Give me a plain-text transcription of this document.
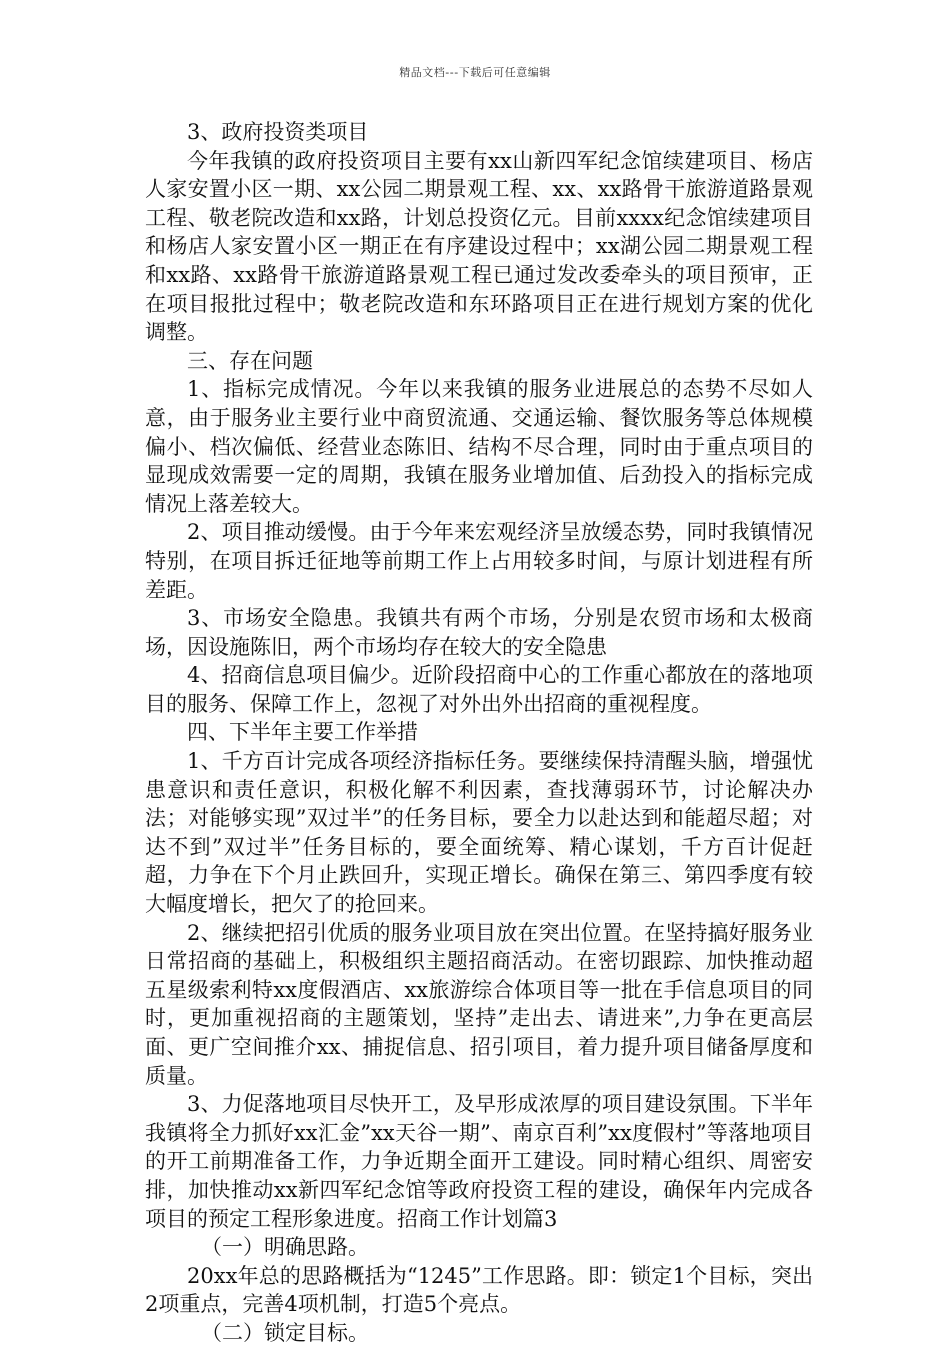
精品文档---下载后可任意编辑

3、政府投资类项目

今年我镇的政府投资项目主要有xx山新四军纪念馆续建项目、杨店人家安置小区一期、xx公园二期景观工程、xx、xx路骨干旅游道路景观工程、敬老院改造和xx路，计划总投资亿元。目前xxxx纪念馆续建项目和杨店人家安置小区一期正在有序建设过程中；xx湖公园二期景观工程和xx路、xx路骨干旅游道路景观工程已通过发改委牵头的项目预审，正在项目报批过程中；敬老院改造和东环路项目正在进行规划方案的优化调整。

三、存在问题

1、指标完成情况。今年以来我镇的服务业进展总的态势不尽如人意，由于服务业主要行业中商贸流通、交通运输、餐饮服务等总体规模偏小、档次偏低、经营业态陈旧、结构不尽合理，同时由于重点项目的显现成效需要一定的周期，我镇在服务业增加值、后劲投入的指标完成情况上落差较大。

2、项目推动缓慢。由于今年来宏观经济呈放缓态势，同时我镇情况特别，在项目拆迁征地等前期工作上占用较多时间，与原计划进程有所差距。

3、市场安全隐患。我镇共有两个市场，分别是农贸市场和太极商场，因设施陈旧，两个市场均存在较大的安全隐患

4、招商信息项目偏少。近阶段招商中心的工作重心都放在的落地项目的服务、保障工作上，忽视了对外出外出招商的重视程度。

四、下半年主要工作举措

1、千方百计完成各项经济指标任务。要继续保持清醒头脑，增强忧患意识和责任意识，积极化解不利因素，查找薄弱环节，讨论解决办法；对能够实现”双过半”的任务目标，要全力以赴达到和能超尽超；对达不到”双过半”任务目标的，要全面统筹、精心谋划，千方百计促赶超，力争在下个月止跌回升，实现正增长。确保在第三、第四季度有较大幅度增长，把欠了的抢回来。

2、继续把招引优质的服务业项目放在突出位置。在坚持搞好服务业日常招商的基础上，积极组织主题招商活动。在密切跟踪、加快推动超五星级索利特xx度假酒店、xx旅游综合体项目等一批在手信息项目的同时，更加重视招商的主题策划，坚持”走出去、请进来”,力争在更高层面、更广空间推介xx、捕捉信息、招引项目，着力提升项目储备厚度和质量。

3、力促落地项目尽快开工，及早形成浓厚的项目建设氛围。下半年我镇将全力抓好xx汇金”xx天谷一期”、南京百利”xx度假村”等落地项目的开工前期准备工作，力争近期全面开工建设。同时精心组织、周密安排，加快推动xx新四军纪念馆等政府投资工程的建设，确保年内完成各项目的预定工程形象进度。招商工作计划篇3

（一）明确思路。

20xx年总的思路概括为“1245”工作思路。即：锁定1个目标，突出2项重点，完善4项机制，打造5个亮点。

（二）锁定目标。
